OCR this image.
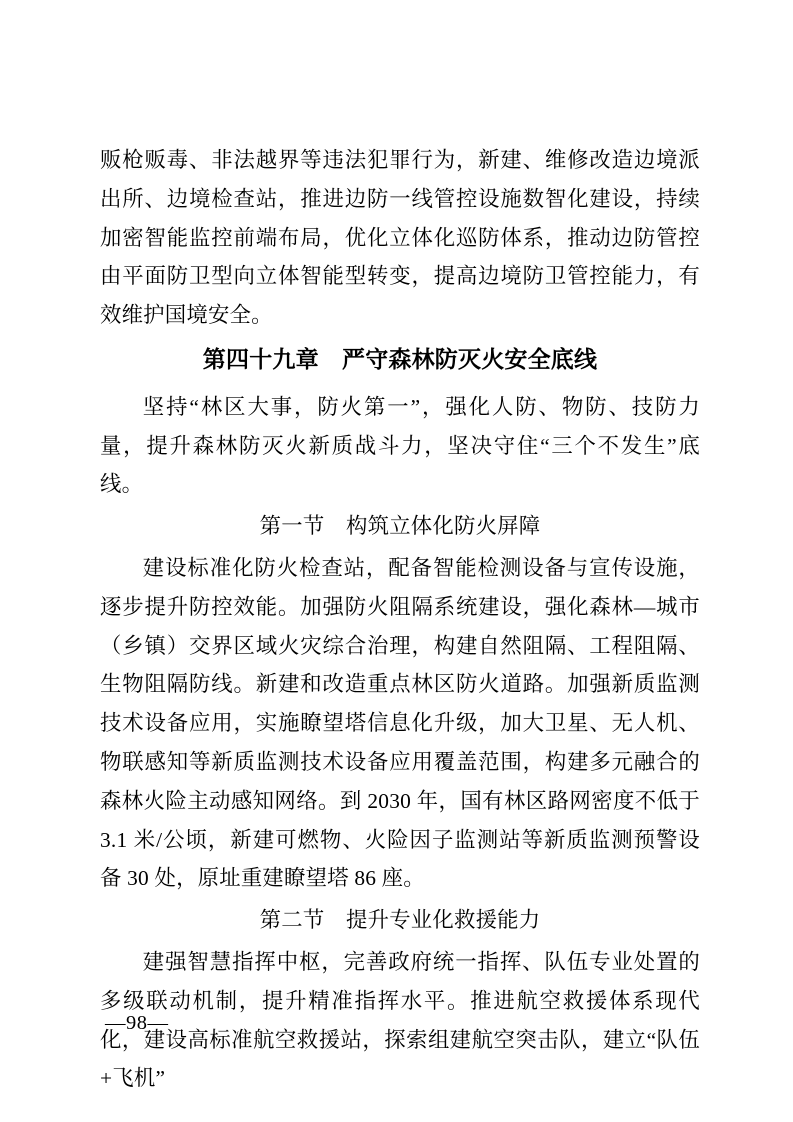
贩枪贩毒、非法越界等违法犯罪行为，新建、维修改造边境派出所、边境检查站，推进边防一线管控设施数智化建设，持续加密智能监控前端布局，优化立体化巡防体系，推动边防管控由平面防卫型向立体智能型转变，提高边境防卫管控能力，有效维护国境安全。

第四十九章　严守森林防灭火安全底线

坚持“林区大事，防火第一”，强化人防、物防、技防力量，提升森林防灭火新质战斗力，坚决守住“三个不发生”底线。

第一节　构筑立体化防火屏障

建设标准化防火检查站，配备智能检测设备与宣传设施，逐步提升防控效能。加强防火阻隔系统建设，强化森林—城市（乡镇）交界区域火灾综合治理，构建自然阻隔、工程阻隔、生物阻隔防线。新建和改造重点林区防火道路。加强新质监测技术设备应用，实施瞭望塔信息化升级，加大卫星、无人机、物联感知等新质监测技术设备应用覆盖范围，构建多元融合的森林火险主动感知网络。到 2030 年，国有林区路网密度不低于 3.1 米/公顷，新建可燃物、火险因子监测站等新质监测预警设备 30 处，原址重建瞭望塔 86 座。

第二节　提升专业化救援能力

建强智慧指挥中枢，完善政府统一指挥、队伍专业处置的多级联动机制，提升精准指挥水平。推进航空救援体系现代化，建设高标准航空救援站，探索组建航空突击队，建立“队伍+飞机”

—98—
